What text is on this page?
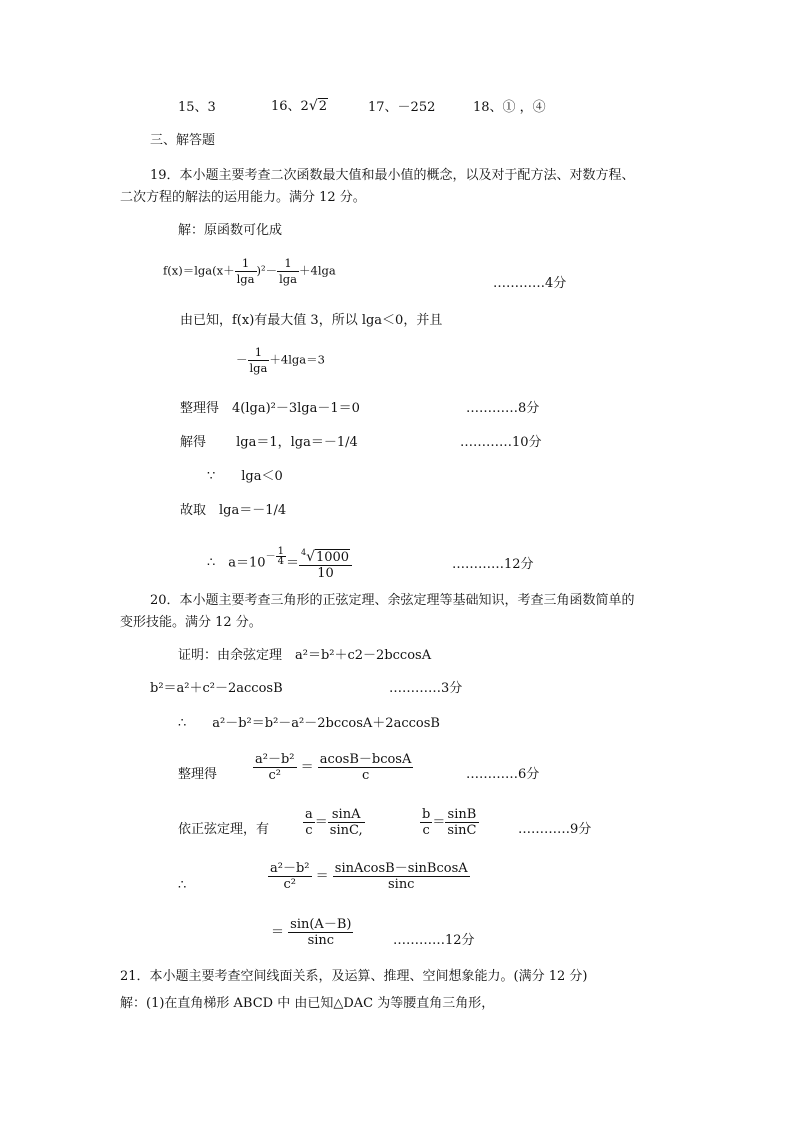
15、3	16、2√2	17、－252	18、① ，④
三、解答题
19．本小题主要考查二次函数最大值和最小值的概念，以及对于配方法、对数方程、
二次方程的解法的运用能力。满分 12 分。
解：原函数可化成
$f(x)=\lg a(x+ \frac{1}{\lg a} )^2- \frac{1}{\lg a} +4\lg a$
…………4分
由已知，f(x)有最大值 3，所以 lga＜0，并且
－ $\frac{1}{\lg a} +4\lg a=3$
整理得　4(lga)²－3lga－1＝0	…………8分
解得　　 lga＝1，lga＝－1/4	…………10分
∵　　lga＜0
故取　lga＝－1/4
∴　$a=10^{- \frac{1}{4}} = \frac{^4√1000}{10}$	…………12分
20．本小题主要考查三角形的正弦定理、余弦定理等基础知识，考查三角函数简单的
变形技能。满分 12 分。
证明：由余弦定理　a²＝b²＋c2－2bccosA
b²＝a²＋c²－2accosB	…………3分
∴　　a²－b²＝b²－a²－2bccosA＋2accosB
整理得	$\frac{\text{a²－b²}}{\text{c²}} = \frac{acosB-bcosA}{c}$	…………6分
依正弦定理，有	$\frac{a}{c} = \frac{\sin A}{\sin C,}$	$\frac{b}{c} = \frac{\sin B}{\sin C}$	…………9分
∴	$\frac{\text{a²－b²}}{\text{c²}} = \frac{\text{sinAcosB－sinBcosA}}{\sin c}$
＝ $\frac{\sin(A-B)}{\sin c}$	…………12分
21．本小题主要考查空间线面关系，及运算、推理、空间想象能力。(满分 12 分)
解：(1)在直角梯形 ABCD 中 由已知△DAC 为等腰直角三角形，
